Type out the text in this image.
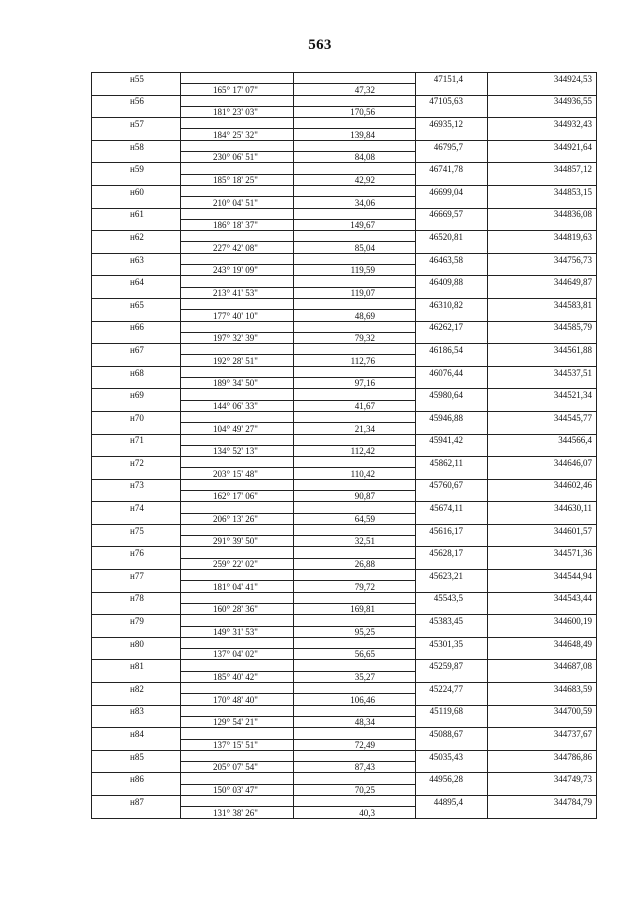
563
н55			47151,4	344924,53
	165° 17' 07"	47,32		
н56			47105,63	344936,55
	181° 23' 03"	170,56		
н57			46935,12	344932,43
	184° 25' 32"	139,84		
н58			46795,7	344921,64
	230° 06' 51"	84,08		
н59			46741,78	344857,12
	185° 18' 25"	42,92		
н60			46699,04	344853,15
	210° 04' 51"	34,06		
н61			46669,57	344836,08
	186° 18' 37"	149,67		
н62			46520,81	344819,63
	227° 42' 08"	85,04		
н63			46463,58	344756,73
	243° 19' 09"	119,59		
н64			46409,88	344649,87
	213° 41' 53"	119,07		
н65			46310,82	344583,81
	177° 40' 10"	48,69		
н66			46262,17	344585,79
	197° 32' 39"	79,32		
н67			46186,54	344561,88
	192° 28' 51"	112,76		
н68			46076,44	344537,51
	189° 34' 50"	97,16		
н69			45980,64	344521,34
	144° 06' 33"	41,67		
н70			45946,88	344545,77
	104° 49' 27"	21,34		
н71			45941,42	344566,4
	134° 52' 13"	112,42		
н72			45862,11	344646,07
	203° 15' 48"	110,42		
н73			45760,67	344602,46
	162° 17' 06"	90,87		
н74			45674,11	344630,11
	206° 13' 26"	64,59		
н75			45616,17	344601,57
	291° 39' 50"	32,51		
н76			45628,17	344571,36
	259° 22' 02"	26,88		
н77			45623,21	344544,94
	181° 04' 41"	79,72		
н78			45543,5	344543,44
	160° 28' 36"	169,81		
н79			45383,45	344600,19
	149° 31' 53"	95,25		
н80			45301,35	344648,49
	137° 04' 02"	56,65		
н81			45259,87	344687,08
	185° 40' 42"	35,27		
н82			45224,77	344683,59
	170° 48' 40"	106,46		
н83			45119,68	344700,59
	129° 54' 21"	48,34		
н84			45088,67	344737,67
	137° 15' 51"	72,49		
н85			45035,43	344786,86
	205° 07' 54"	87,43		
н86			44956,28	344749,73
	150° 03' 47"	70,25		
н87			44895,4	344784,79
	131° 38' 26"	40,3		
